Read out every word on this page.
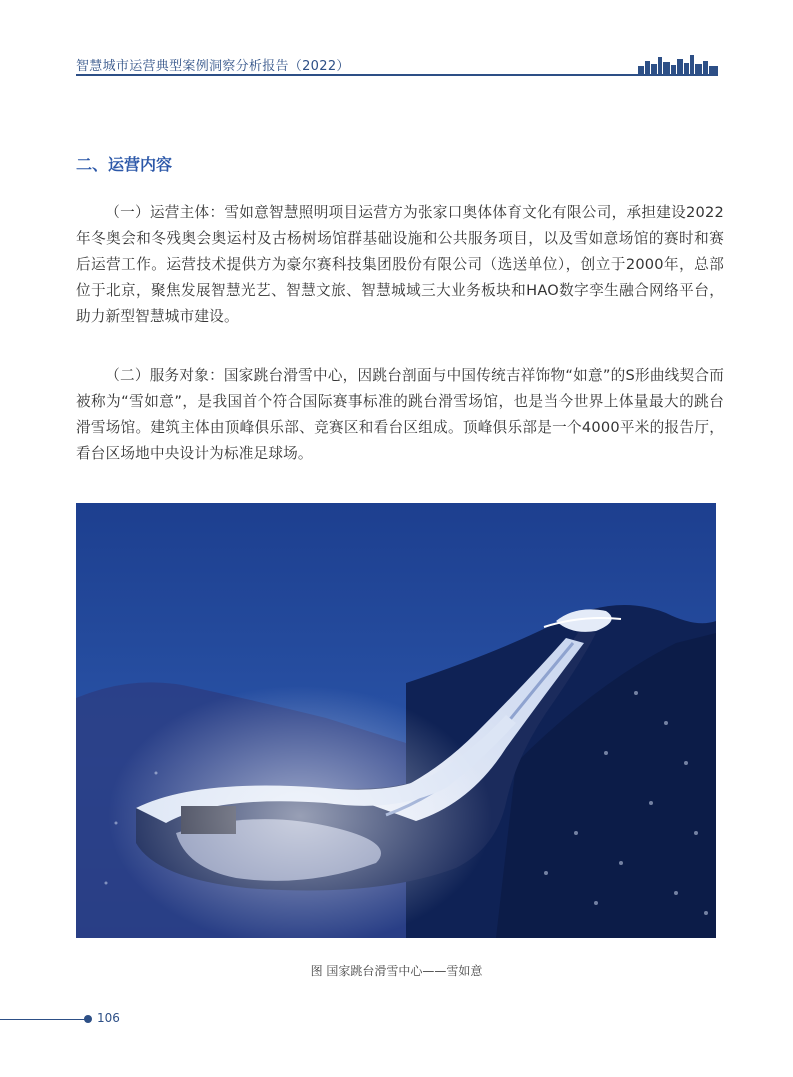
智慧城市运营典型案例洞察分析报告（2022）
二、运营内容

（一）运营主体：雪如意智慧照明项目运营方为张家口奥体体育文化有限公司，承担建设2022年冬奥会和冬残奥会奥运村及古杨树场馆群基础设施和公共服务项目，以及雪如意场馆的赛时和赛后运营工作。运营技术提供方为豪尔赛科技集团股份有限公司（选送单位），创立于2000年，总部位于北京，聚焦发展智慧光艺、智慧文旅、智慧城域三大业务板块和HAO数字孪生融合网络平台，助力新型智慧城市建设。

（二）服务对象：国家跳台滑雪中心，因跳台剖面与中国传统吉祥饰物“如意”的S形曲线契合而被称为“雪如意”，是我国首个符合国际赛事标准的跳台滑雪场馆，也是当今世界上体量最大的跳台滑雪场馆。建筑主体由顶峰俱乐部、竞赛区和看台区组成。顶峰俱乐部是一个4000平米的报告厅，看台区场地中央设计为标准足球场。

图 国家跳台滑雪中心——雪如意
106
